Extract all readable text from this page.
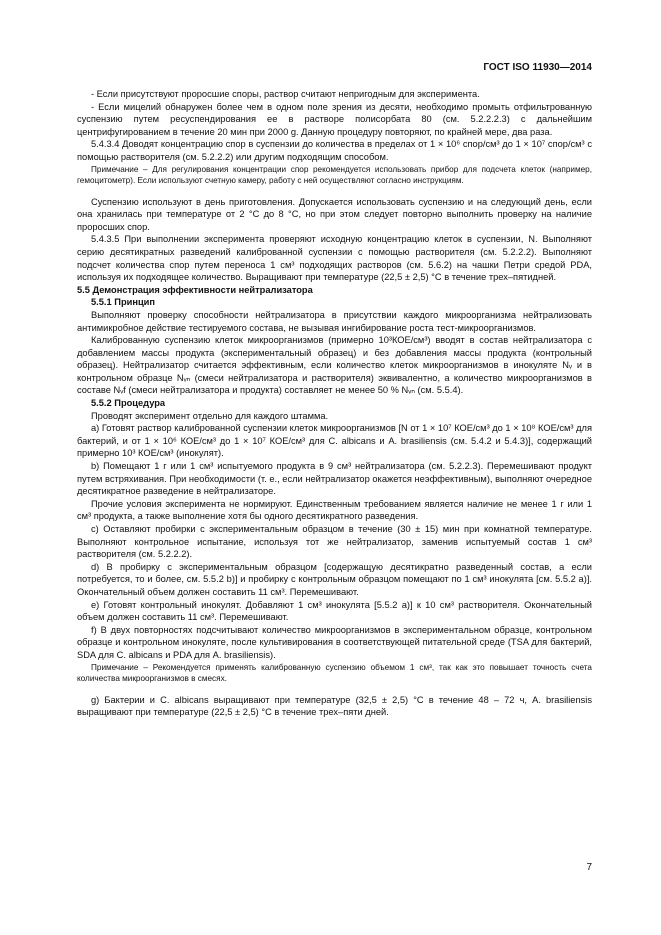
ГОСТ ISO 11930—2014

- Если присутствуют проросшие споры, раствор считают непригодным для эксперимента.

- Если мицелий обнаружен более чем в одном поле зрения из десяти, необходимо промыть отфильтрованную суспензию путем ресуспендирования ее в растворе полисорбата 80 (см. 5.2.2.2.3) с дальнейшим центрифугированием в течение 20 мин при 2000 g. Данную процедуру повторяют, по крайней мере, два раза.

5.4.3.4 Доводят концентрацию спор в суспензии до количества в пределах от 1 × 10⁶ спор/см³ до 1 × 10⁷ спор/см³ с помощью растворителя (см. 5.2.2.2) или другим подходящим способом.

Примечание – Для регулирования концентрации спор рекомендуется использовать прибор для подсчета клеток (например, гемоцитометр). Если используют счетную камеру, работу с ней осуществляют согласно инструкциям.

Суспензию используют в день приготовления. Допускается использовать суспензию и на следующий день, если она хранилась при температуре от 2 °C до 8 °C, но при этом следует повторно выполнить проверку на наличие проросших спор.

5.4.3.5 При выполнении эксперимента проверяют исходную концентрацию клеток в суспензии, N. Выполняют серию десятикратных разведений калиброванной суспензии с помощью растворителя (см. 5.2.2.2). Выполняют подсчет количества спор путем переноса 1 см³ подходящих растворов (см. 5.6.2) на чашки Петри средой PDA, используя их подходящее количество. Выращивают при температуре (22,5 ± 2,5) °C в течение трех–пятидней.

5.5 Демонстрация эффективности нейтрализатора

5.5.1 Принцип

Выполняют проверку способности нейтрализатора в присутствии каждого микроорганизма нейтрализовать антимикробное действие тестируемого состава, не вызывая ингибирование роста тест-микроорганизмов.

Калиброванную суспензию клеток микроорганизмов (примерно 10³КОЕ/см³) вводят в состав нейтрализатора с добавлением массы продукта (экспериментальный образец) и без добавления массы продукта (контрольный образец). Нейтрализатор считается эффективным, если количество клеток микроорганизмов в инокуляте Nᵥ и в контрольном образце Nᵥₙ (смеси нейтрализатора и растворителя) эквивалентно, а количество микроорганизмов в составе Nᵥf (смеси нейтрализатора и продукта) составляет не менее 50 % Nᵥₙ (см. 5.5.4).

5.5.2 Процедура

Проводят эксперимент отдельно для каждого штамма.

а) Готовят раствор калиброванной суспензии клеток микроорганизмов [N от 1 × 10⁷ КОЕ/см³ до 1 × 10⁸ КОЕ/см³ для бактерий, и от 1 × 10⁶ КОЕ/см³ до 1 × 10⁷ КОЕ/см³ для C. albicans и A. brasiliensis (см. 5.4.2 и 5.4.3)], содержащий примерно 10³ КОЕ/см³ (инокулят).

b) Помещают 1 г или 1 см³ испытуемого продукта в 9 см³ нейтрализатора (см. 5.2.2.3). Перемешивают продукт путем встряхивания. При необходимости (т. е., если нейтрализатор окажется неэффективным), выполняют очередное десятикратное разведение в нейтрализаторе.

Прочие условия эксперимента не нормируют. Единственным требованием является наличие не менее 1 г или 1 см³ продукта, а также выполнение хотя бы одного десятикратного разведения.

с) Оставляют пробирки с экспериментальным образцом в течение (30 ± 15) мин при комнатной температуре. Выполняют контрольное испытание, используя тот же нейтрализатор, заменив испытуемый состав 1 см³ растворителя (см. 5.2.2.2).

d) В пробирку с экспериментальным образцом [содержащую десятикратно разведенный состав, а если потребуется, то и более, см. 5.5.2 b)] и пробирку с контрольным образцом помещают по 1 см³ инокулята [см. 5.5.2 а)]. Окончательный объем должен составить 11 см³. Перемешивают.

е) Готовят контрольный инокулят. Добавляют 1 см³ инокулята [5.5.2 а)] к 10 см³ растворителя. Окончательный объем должен составить 11 см³. Перемешивают.

f) В двух повторностях подсчитывают количество микроорганизмов в экспериментальном образце, контрольном образце и контрольном инокуляте, после культивирования в соответствующей питательной среде (TSA для бактерий, SDA для C. albicans и PDA для A. brasiliensis).

Примечание – Рекомендуется применять калиброванную суспензию объемом 1 см³, так как это повышает точность счета количества микроорганизмов в смесях.

g) Бактерии и C. albicans выращивают при температуре (32,5 ± 2,5) °C в течение 48 – 72 ч, A. brasiliensis выращивают при температуре (22,5 ± 2,5) °C в течение трех–пяти дней.

7
